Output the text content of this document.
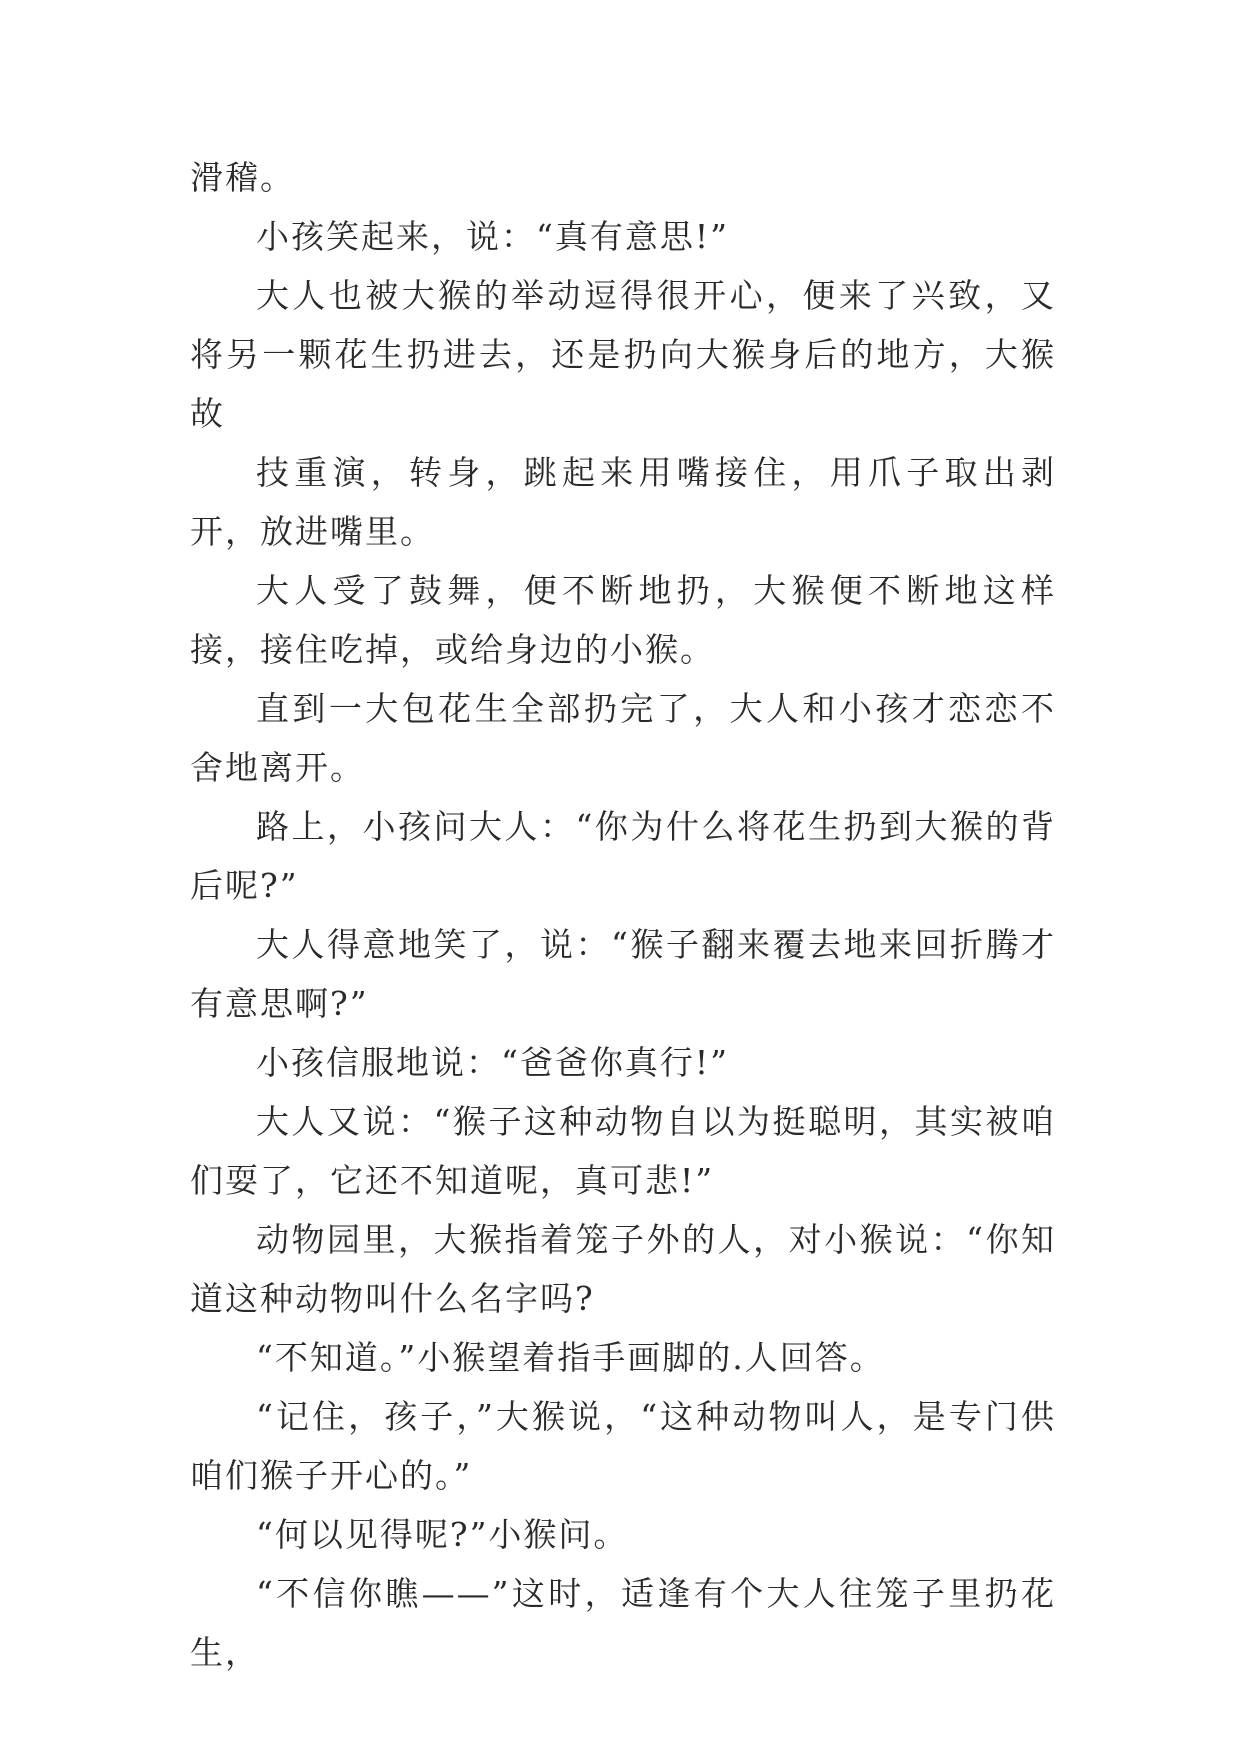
滑稽。

小孩笑起来，说：“真有意思!”

大人也被大猴的举动逗得很开心，便来了兴致，又将另一颗花生扔进去，还是扔向大猴身后的地方，大猴故

技重演，转身，跳起来用嘴接住，用爪子取出剥开，放进嘴里。

大人受了鼓舞，便不断地扔，大猴便不断地这样接，接住吃掉，或给身边的小猴。

直到一大包花生全部扔完了，大人和小孩才恋恋不舍地离开。

路上，小孩问大人：“你为什么将花生扔到大猴的背后呢?”

大人得意地笑了，说：“猴子翻来覆去地来回折腾才有意思啊?”

小孩信服地说：“爸爸你真行!”

大人又说：“猴子这种动物自以为挺聪明，其实被咱们耍了，它还不知道呢，真可悲!”

动物园里，大猴指着笼子外的人，对小猴说：“你知道这种动物叫什么名字吗?

“不知道。”小猴望着指手画脚的.人回答。

“记住，孩子，”大猴说，“这种动物叫人，是专门供咱们猴子开心的。”

“何以见得呢?”小猴问。

“不信你瞧——”这时，适逢有个大人往笼子里扔花生，
